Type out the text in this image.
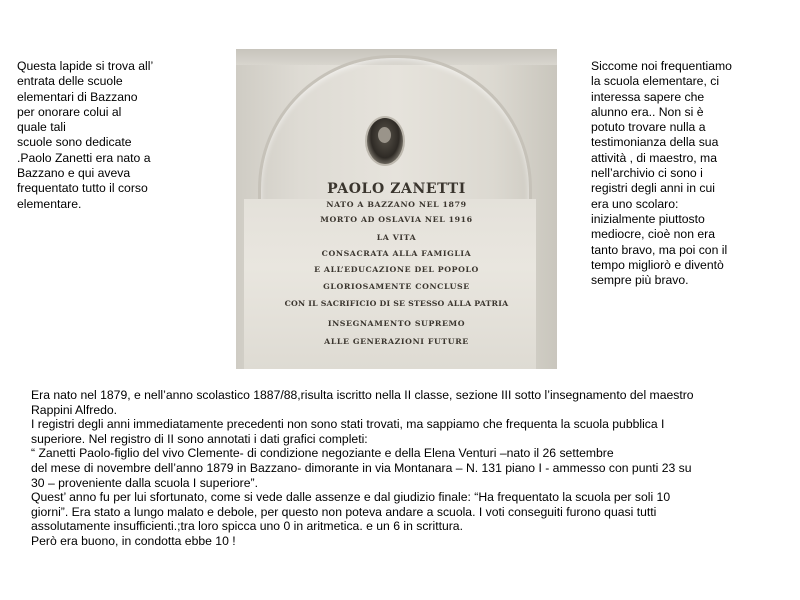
Questa lapide si trova all’
entrata delle scuole
elementari di Bazzano
per onorare colui al
quale tali
scuole sono dedicate
.Paolo Zanetti era nato a
Bazzano e qui aveva
frequentato tutto il corso
elementare.
PAOLO ZANETTI
NATO A BAZZANO NEL 1879
MORTO AD OSLAVIA NEL 1916
LA VITA
CONSACRATA ALLA FAMIGLIA
E ALL’EDUCAZIONE DEL POPOLO
GLORIOSAMENTE CONCLUSE
CON IL SACRIFICIO DI SE STESSO ALLA PATRIA
INSEGNAMENTO SUPREMO
ALLE GENERAZIONI FUTURE
Siccome noi frequentiamo
la scuola elementare, ci
interessa sapere che
alunno era.. Non si è
potuto trovare nulla a
testimonianza della sua
attività , di maestro, ma
nell’archivio ci sono i
registri degli anni in cui
era uno scolaro:
inizialmente piuttosto
mediocre, cioè non era
tanto bravo, ma poi con il
tempo migliorò e diventò
sempre più bravo.
Era nato nel 1879, e nell’anno scolastico 1887/88,risulta iscritto nella II classe, sezione III sotto l’insegnamento del maestro
Rappini Alfredo.
I registri degli anni immediatamente precedenti non sono stati trovati, ma sappiamo che frequenta la scuola pubblica I
superiore. Nel registro di II sono annotati i dati grafici completi:
“ Zanetti Paolo-figlio del vivo Clemente- di condizione negoziante e della Elena Venturi –nato il 26 settembre
del mese di novembre dell’anno 1879 in Bazzano- dimorante in via Montanara – N. 131 piano I - ammesso con punti 23 su
30 – proveniente dalla scuola I superiore”.
Quest’ anno fu per lui sfortunato, come si vede dalle assenze e dal giudizio finale: “Ha frequentato la scuola per soli 10
giorni”. Era stato a lungo malato e debole, per questo non poteva andare a scuola. I voti conseguiti furono quasi tutti
assolutamente insufficienti.;tra loro spicca uno 0 in aritmetica. e un 6 in scrittura.
Però era buono, in condotta ebbe 10 !
